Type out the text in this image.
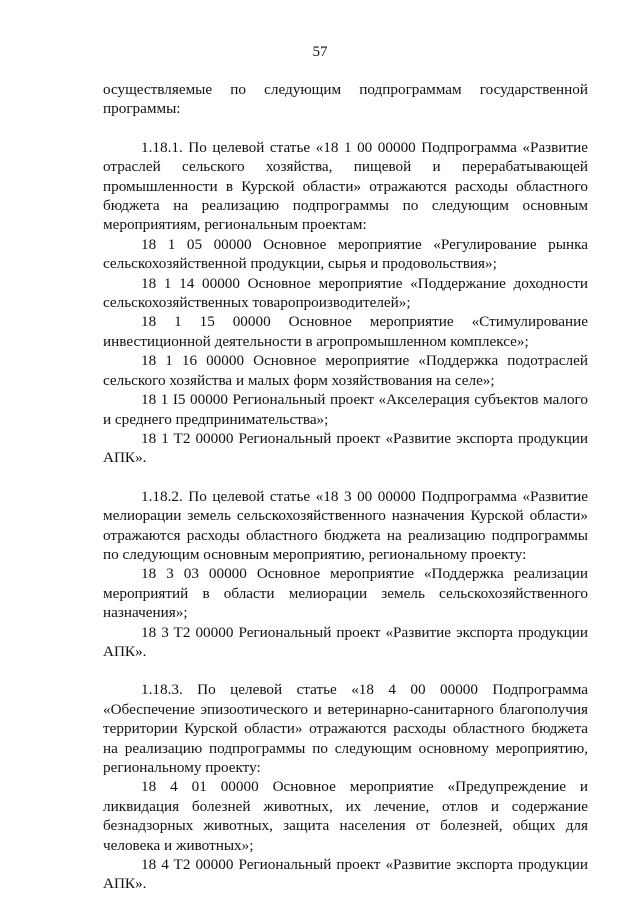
57

осуществляемые по следующим подпрограммам государственной
программы:

1.18.1. По целевой статье «18 1 00 00000 Подпрограмма «Развитие

отраслей сельского хозяйства, пищевой и перерабатывающей
промышленности в Курской области» отражаются расходы областного бюджета на реализацию подпрограммы по следующим основным мероприятиям, региональным проектам:

18 1 05 00000 Основное мероприятие «Регулирование рынка сельскохозяйственной продукции, сырья и продовольствия»;

18 1 14 00000 Основное мероприятие «Поддержание доходности сельскохозяйственных товаропроизводителей»;

18 1 15 00000 Основное мероприятие «Стимулирование инвестиционной деятельности в агропромышленном комплексе»;

18 1 16 00000 Основное мероприятие «Поддержка подотраслей сельского хозяйства и малых форм хозяйствования на селе»;

18 1 I5 00000 Региональный проект «Акселерация субъектов малого и среднего предпринимательства»;

18 1 T2 00000 Региональный проект «Развитие экспорта продукции АПК».

1.18.2. По целевой статье «18 3 00 00000 Подпрограмма «Развитие мелиорации земель сельскохозяйственного назначения Курской области» отражаются расходы областного бюджета на реализацию подпрограммы по следующим основным мероприятию, региональному проекту:

18 3 03 00000 Основное мероприятие «Поддержка реализации мероприятий в области мелиорации земель сельскохозяйственного назначения»;

18 3 T2 00000 Региональный проект «Развитие экспорта продукции АПК».

1.18.3. По целевой статье «18 4 00 00000 Подпрограмма «Обеспечение эпизоотического и ветеринарно-санитарного благополучия территории Курской области» отражаются расходы областного бюджета на реализацию подпрограммы по следующим основному мероприятию, региональному проекту:

18 4 01 00000 Основное мероприятие «Предупреждение и ликвидация болезней животных, их лечение, отлов и содержание безнадзорных животных, защита населения от болезней, общих для человека и животных»;

18 4 T2 00000 Региональный проект «Развитие экспорта продукции АПК».
